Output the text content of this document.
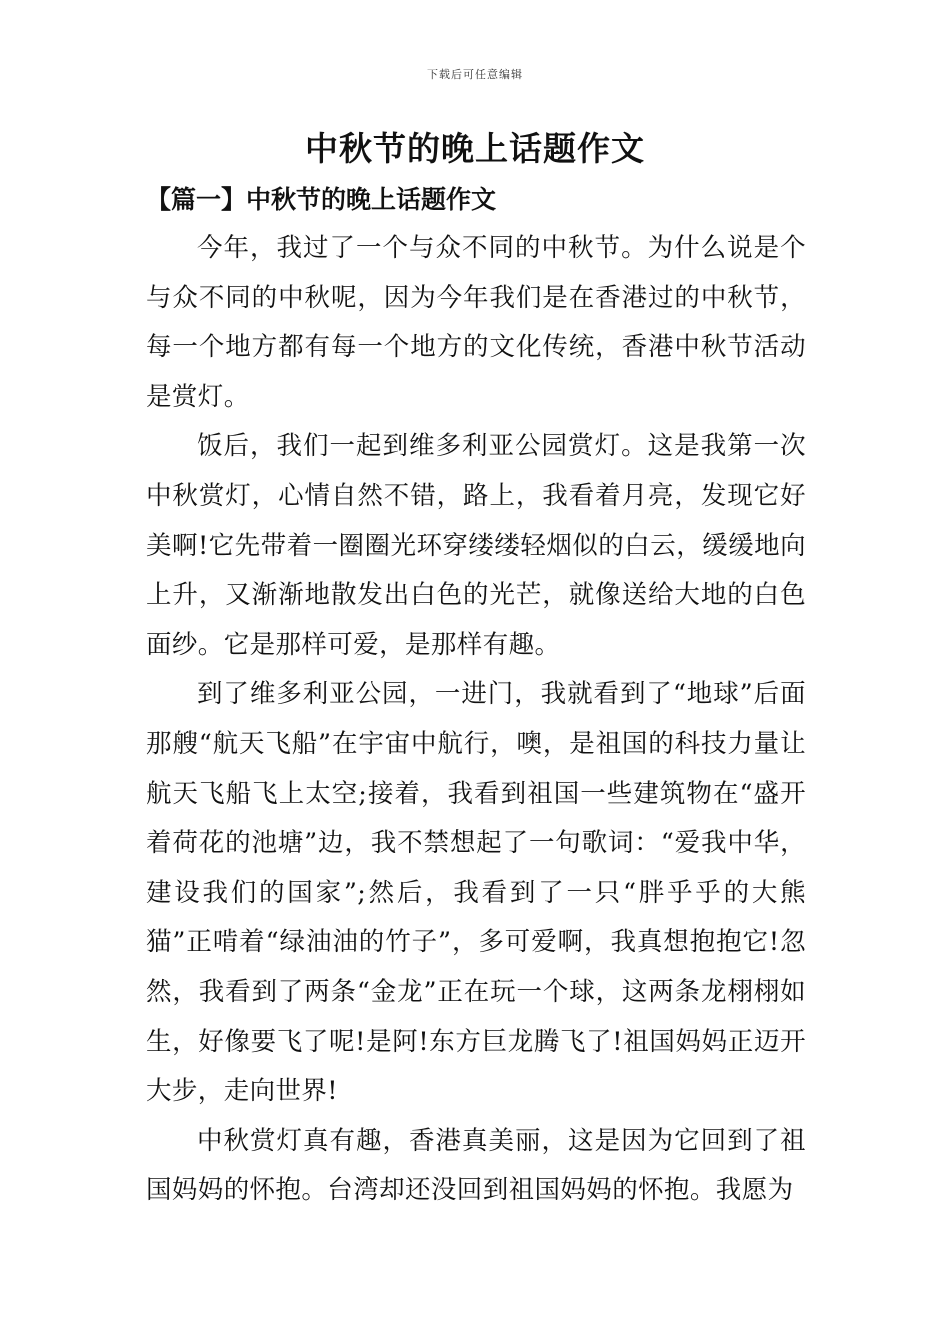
下载后可任意编辑
中秋节的晚上话题作文
【篇一】中秋节的晚上话题作文

今年，我过了一个与众不同的中秋节。为什么说是个与众不同的中秋呢，因为今年我们是在香港过的中秋节，每一个地方都有每一个地方的文化传统，香港中秋节活动是赏灯。

饭后，我们一起到维多利亚公园赏灯。这是我第一次中秋赏灯，心情自然不错，路上，我看着月亮，发现它好美啊!它先带着一圈圈光环穿缕缕轻烟似的白云，缓缓地向上升，又渐渐地散发出白色的光芒，就像送给大地的白色面纱。它是那样可爱，是那样有趣。

到了维多利亚公园，一进门，我就看到了“地球”后面那艘“航天飞船”在宇宙中航行，噢，是祖国的科技力量让航天飞船飞上太空;接着，我看到祖国一些建筑物在“盛开着荷花的池塘”边，我不禁想起了一句歌词：“爱我中华，建设我们的国家”;然后，我看到了一只“胖乎乎的大熊猫”正啃着“绿油油的竹子”，多可爱啊，我真想抱抱它!忽然，我看到了两条“金龙”正在玩一个球，这两条龙栩栩如生，好像要飞了呢!是阿!东方巨龙腾飞了!祖国妈妈正迈开大步，走向世界!

中秋赏灯真有趣，香港真美丽，这是因为它回到了祖国妈妈的怀抱。台湾却还没回到祖国妈妈的怀抱。我愿为
